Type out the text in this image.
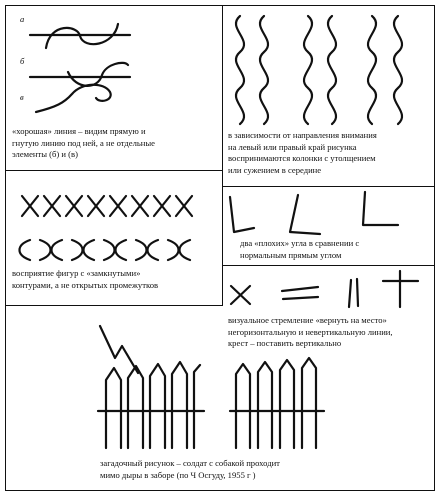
a
б
в
«хорошая» линия – видим прямую и
гнутую линию под ней, а не отдельные
элементы (б) и (в)
в зависимости от направления внимания
на левый или правый край рисунка
воспринимаются колонки с утолщением
или сужением в середине
восприятие фигур с «замкнутыми»
контурами, а не открытых промежутков
два «плохих» угла в сравнении с
нормальным прямым углом
визуальное стремление «вернуть на место»
негоризонтальную и невертикальную линии,
крест – поставить вертикально
загадочный рисунок – солдат с собакой проходит
мимо дыры в заборе (по Ч Осгуду, 1955 г )
